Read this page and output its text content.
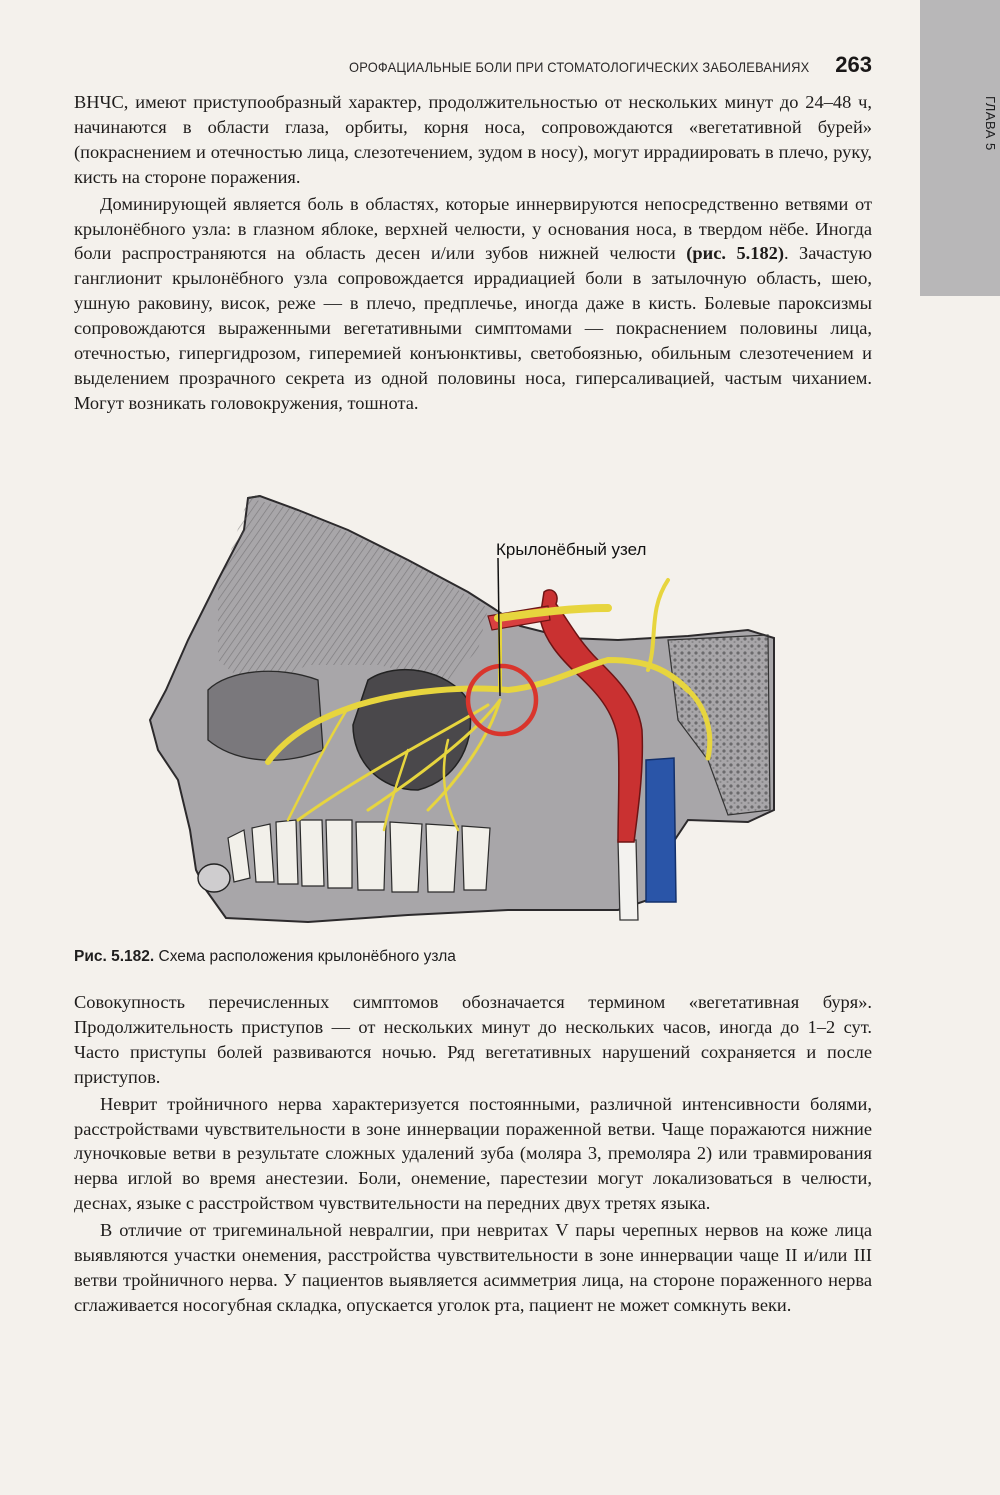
ОРОФАЦИАЛЬНЫЕ БОЛИ ПРИ СТОМАТОЛОГИЧЕСКИХ ЗАБОЛЕВАНИЯХ 263
ГЛАВА 5

ВНЧС, имеют приступообразный характер, продолжительностью от нескольких минут до 24–48 ч, начинаются в области глаза, орбиты, корня носа, сопровождаются «вегетативной бурей» (покраснением и отечностью лица, слезотечением, зудом в носу), могут иррадиировать в плечо, руку, кисть на стороне поражения.

Доминирующей является боль в областях, которые иннервируются непосредственно ветвями от крылонёбного узла: в глазном яблоке, верхней челюсти, у основания носа, в твердом нёбе. Иногда боли распространяются на область десен и/или зубов нижней челюсти (рис. 5.182). Зачастую ганглионит крылонёбного узла сопровождается иррадиацией боли в затылочную область, шею, ушную раковину, висок, реже — в плечо, предплечье, иногда даже в кисть. Болевые пароксизмы сопровождаются выраженными вегетативными симптомами — покраснением половины лица, отечностью, гипергидрозом, гиперемией конъюнктивы, светобоязнью, обильным слезотечением и выделением прозрачного секрета из одной половины носа, гиперсаливацией, частым чиханием. Могут возникать головокружения, тошнота.

Крылонёбный узел
Рис. 5.182. Схема расположения крылонёбного узла

Совокупность перечисленных симптомов обозначается термином «вегетативная буря». Продолжительность приступов — от нескольких минут до нескольких часов, иногда до 1–2 сут. Часто приступы болей развиваются ночью. Ряд вегетативных нарушений сохраняется и после приступов.

Неврит тройничного нерва характеризуется постоянными, различной интенсивности болями, расстройствами чувствительности в зоне иннервации пораженной ветви. Чаще поражаются нижние луночковые ветви в результате сложных удалений зуба (моляра 3, премоляра 2) или травмирования нерва иглой во время анестезии. Боли, онемение, парестезии могут локализоваться в челюсти, деснах, языке с расстройством чувствительности на передних двух третях языка.

В отличие от тригеминальной невралгии, при невритах V пары черепных нервов на коже лица выявляются участки онемения, расстройства чувствительности в зоне иннервации чаще II и/или III ветви тройничного нерва. У пациентов выявляется асимметрия лица, на стороне пораженного нерва сглаживается носогубная складка, опускается уголок рта, пациент не может сомкнуть веки.
